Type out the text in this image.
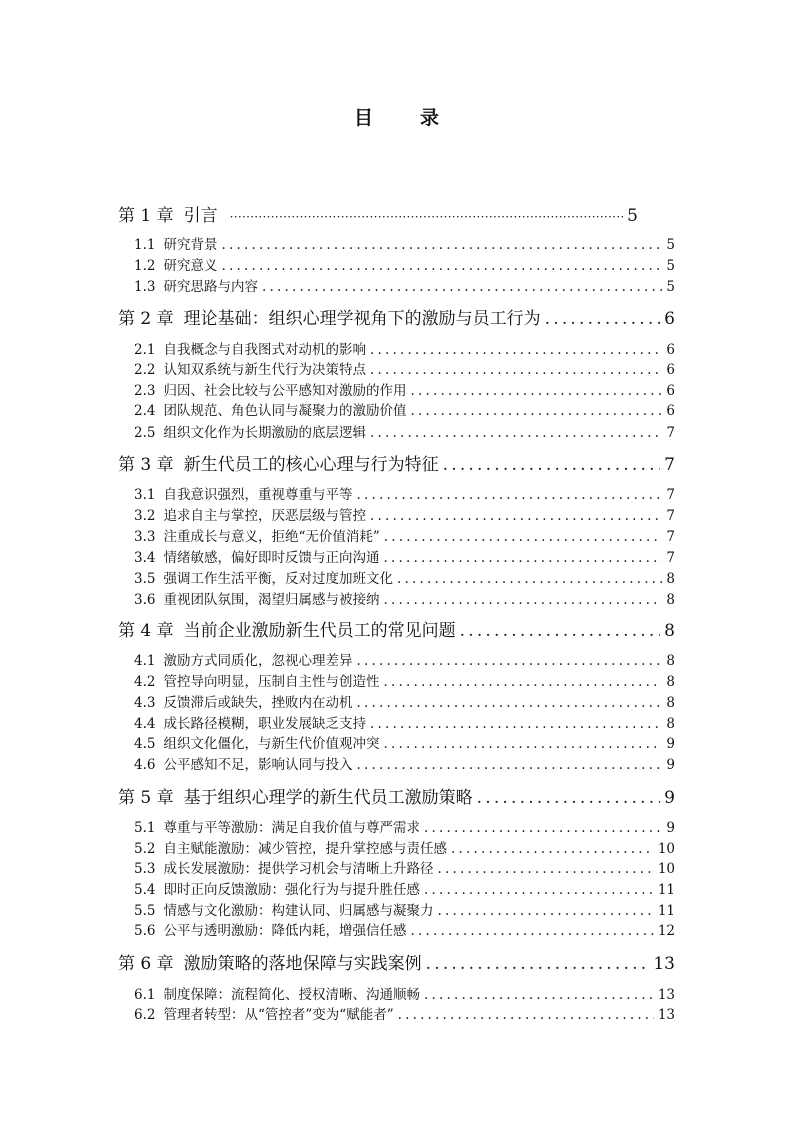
目　录
第 1 章 引言 ·····	5
1.1 研究背景 .....	5
1.2 研究意义 .....	5
1.3 研究思路与内容 .....	5
第 2 章 理论基础：组织心理学视角下的激励与员工行为 .....	6
2.1 自我概念与自我图式对动机的影响 .....	6
2.2 认知双系统与新生代行为决策特点 .....	6
2.3 归因、社会比较与公平感知对激励的作用 .....	6
2.4 团队规范、角色认同与凝聚力的激励价值 .....	6
2.5 组织文化作为长期激励的底层逻辑 .....	7
第 3 章 新生代员工的核心心理与行为特征 .....	7
3.1 自我意识强烈，重视尊重与平等 .....	7
3.2 追求自主与掌控，厌恶层级与管控 .....	7
3.3 注重成长与意义，拒绝“无价值消耗” .....	7
3.4 情绪敏感，偏好即时反馈与正向沟通 .....	7
3.5 强调工作生活平衡，反对过度加班文化 .....	8
3.6 重视团队氛围，渴望归属感与被接纳 .....	8
第 4 章 当前企业激励新生代员工的常见问题 .....	8
4.1 激励方式同质化，忽视心理差异 .....	8
4.2 管控导向明显，压制自主性与创造性 .....	8
4.3 反馈滞后或缺失，挫败内在动机 .....	8
4.4 成长路径模糊，职业发展缺乏支持 .....	8
4.5 组织文化僵化，与新生代价值观冲突 .....	9
4.6 公平感知不足，影响认同与投入 .....	9
第 5 章 基于组织心理学的新生代员工激励策略 .....	9
5.1 尊重与平等激励：满足自我价值与尊严需求 .....	9
5.2 自主赋能激励：减少管控，提升掌控感与责任感 .....	10
5.3 成长发展激励：提供学习机会与清晰上升路径 .....	10
5.4 即时正向反馈激励：强化行为与提升胜任感 .....	11
5.5 情感与文化激励：构建认同、归属感与凝聚力 .....	11
5.6 公平与透明激励：降低内耗，增强信任感 .....	12
第 6 章 激励策略的落地保障与实践案例 .....	13
6.1 制度保障：流程简化、授权清晰、沟通顺畅 .....	13
6.2 管理者转型：从“管控者”变为“赋能者” .....	13
